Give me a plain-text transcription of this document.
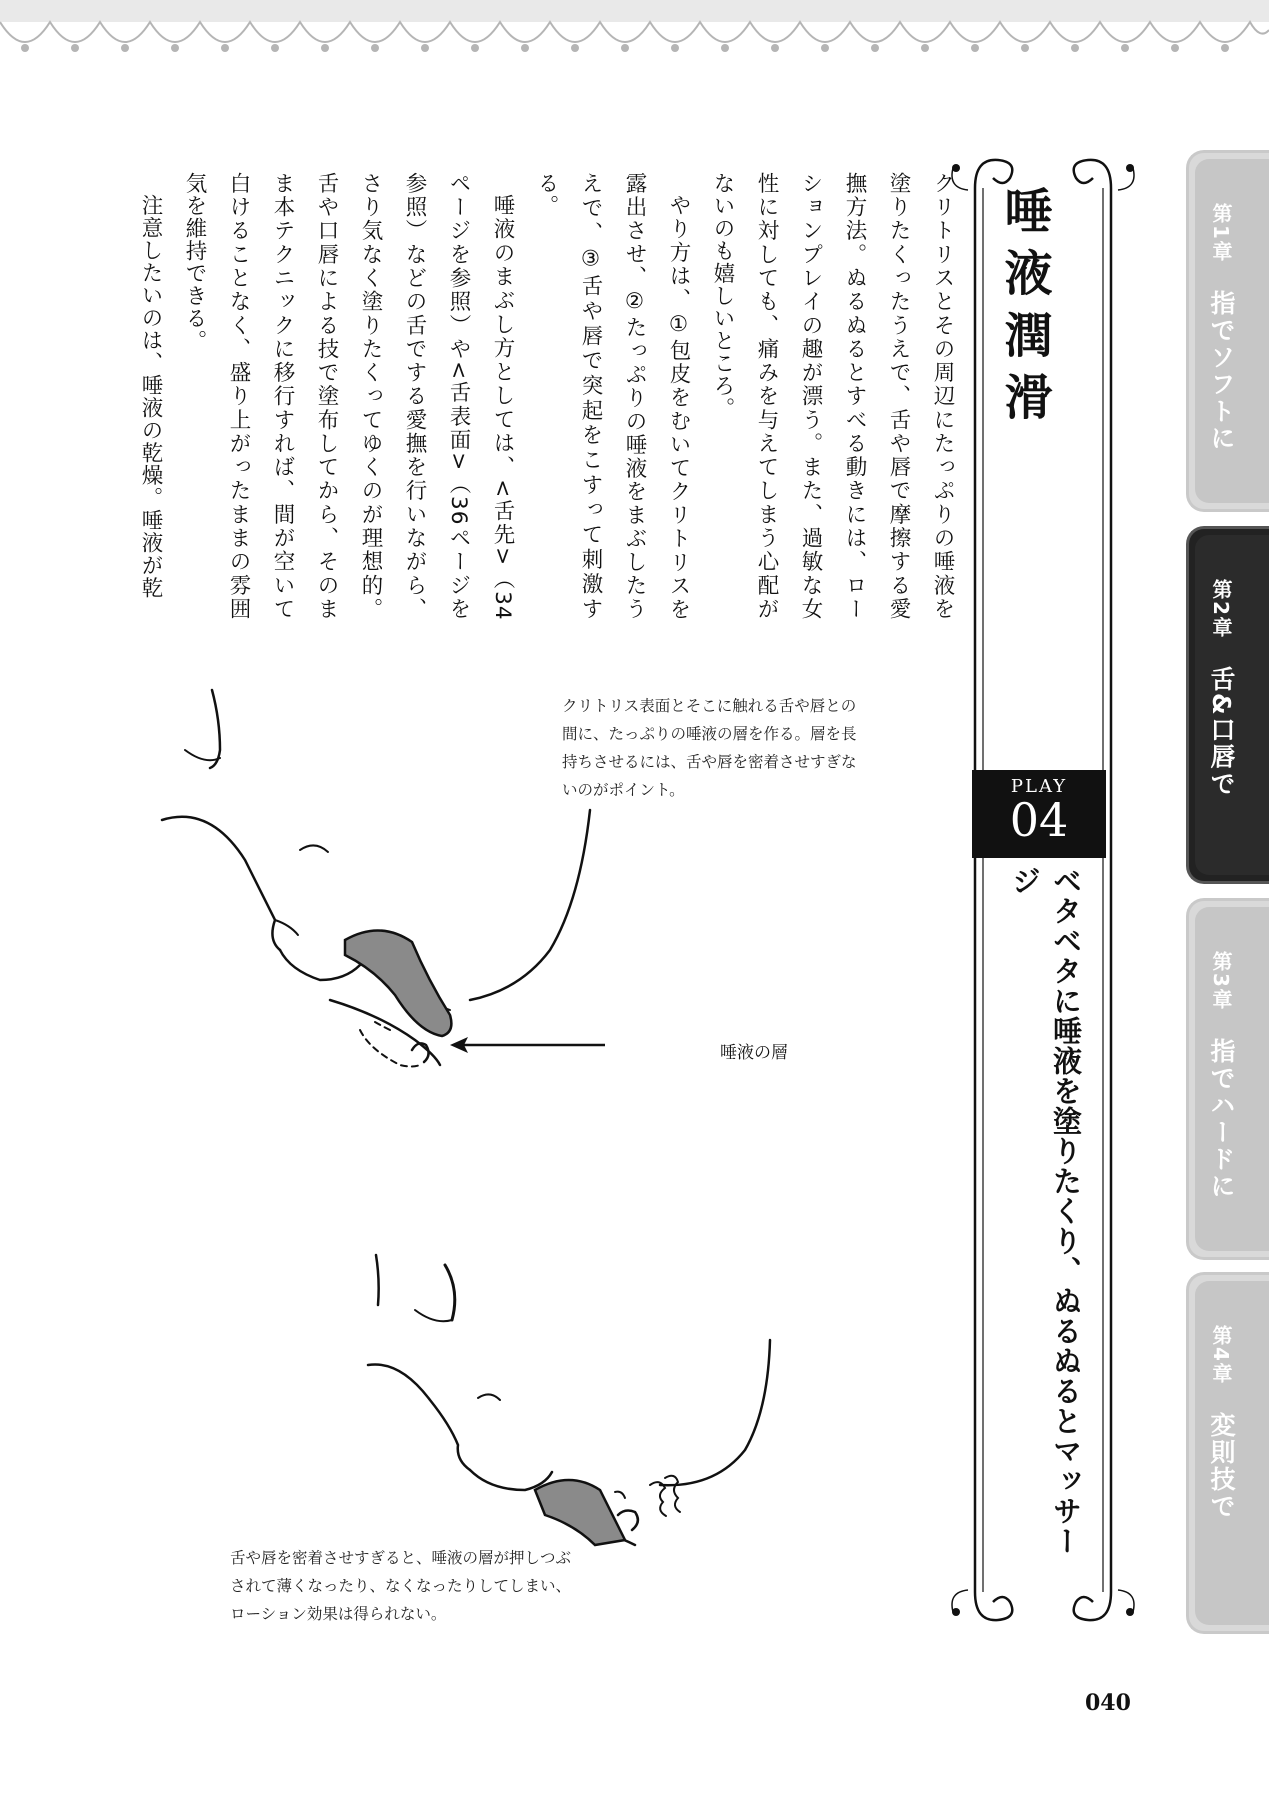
クリトリスとその周辺にたっぷりの唾液を塗りたくったうえで、舌や唇で摩擦する愛撫方法。ぬるぬるとすべる動きには、ローションプレイの趣が漂う。また、過敏な女性に対しても、痛みを与えてしまう心配がないのも嬉しいところ。

やり方は、①包皮をむいてクリトリスを露出させ、②たっぷりの唾液をまぶしたうえで、③舌や唇で突起をこすって刺激する。

唾液のまぶし方としては、<舌先>（34ページを参照）や<舌表面>（36ページを参照）などの舌でする愛撫を行いながら、さり気なく塗りたくってゆくのが理想的。舌や口唇による技で塗布してから、そのまま本テクニックに移行すれば、間が空いて白けることなく、盛り上がったままの雰囲気を維持できる。

注意したいのは、唾液の乾燥。唾液が乾	唾液潤滑
PLAY
04
ベタベタに唾液を塗りたくり、ぬるぬるとマッサージ
第1章　指でソフトに
第2章　舌&口唇で
第3章　指でハードに
第4章　変則技で
唾液の層
クリトリス表面とそこに触れる舌や唇との間に、たっぷりの唾液の層を作る。層を長持ちさせるには、舌や唇を密着させすぎないのがポイント。
舌や唇を密着させすぎると、唾液の層が押しつぶされて薄くなったり、なくなったりしてしまい、ローション効果は得られない。
040
